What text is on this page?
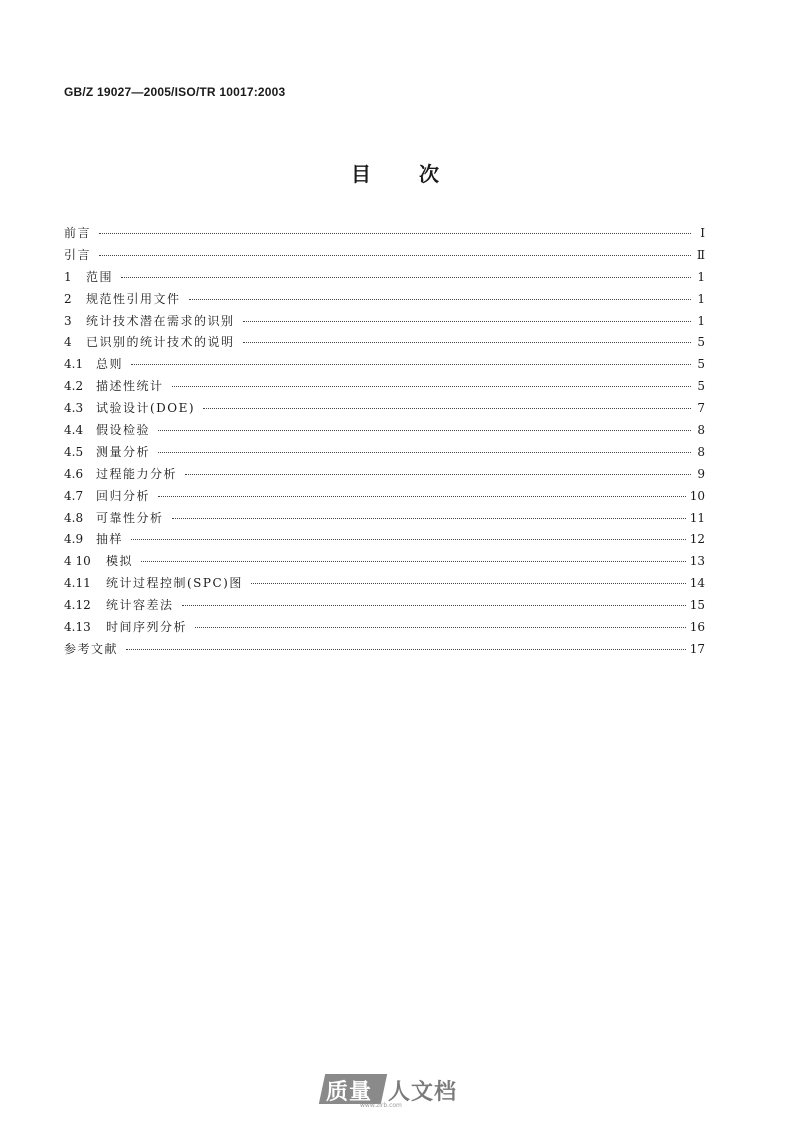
GB/Z 19027—2005/ISO/TR 10017:2003
目次
前言	Ⅰ
引言	Ⅱ
1	范围	1
2	规范性引用文件	1
3	统计技术潜在需求的识别	1
4	已识别的统计技术的说明	5
4.1	总则	5
4.2	描述性统计	5
4.3	试验设计(DOE)	7
4.4	假设检验	8
4.5	测量分析	8
4.6	过程能力分析	9
4.7	回归分析	10
4.8	可靠性分析	11
4.9	抽样	12
4 10	模拟	13
4.11	统计过程控制(SPC)图	14
4.12	统计容差法	15
4.13	时间序列分析	16
参考文献	17
质量 人文档
www.zlrb.com
